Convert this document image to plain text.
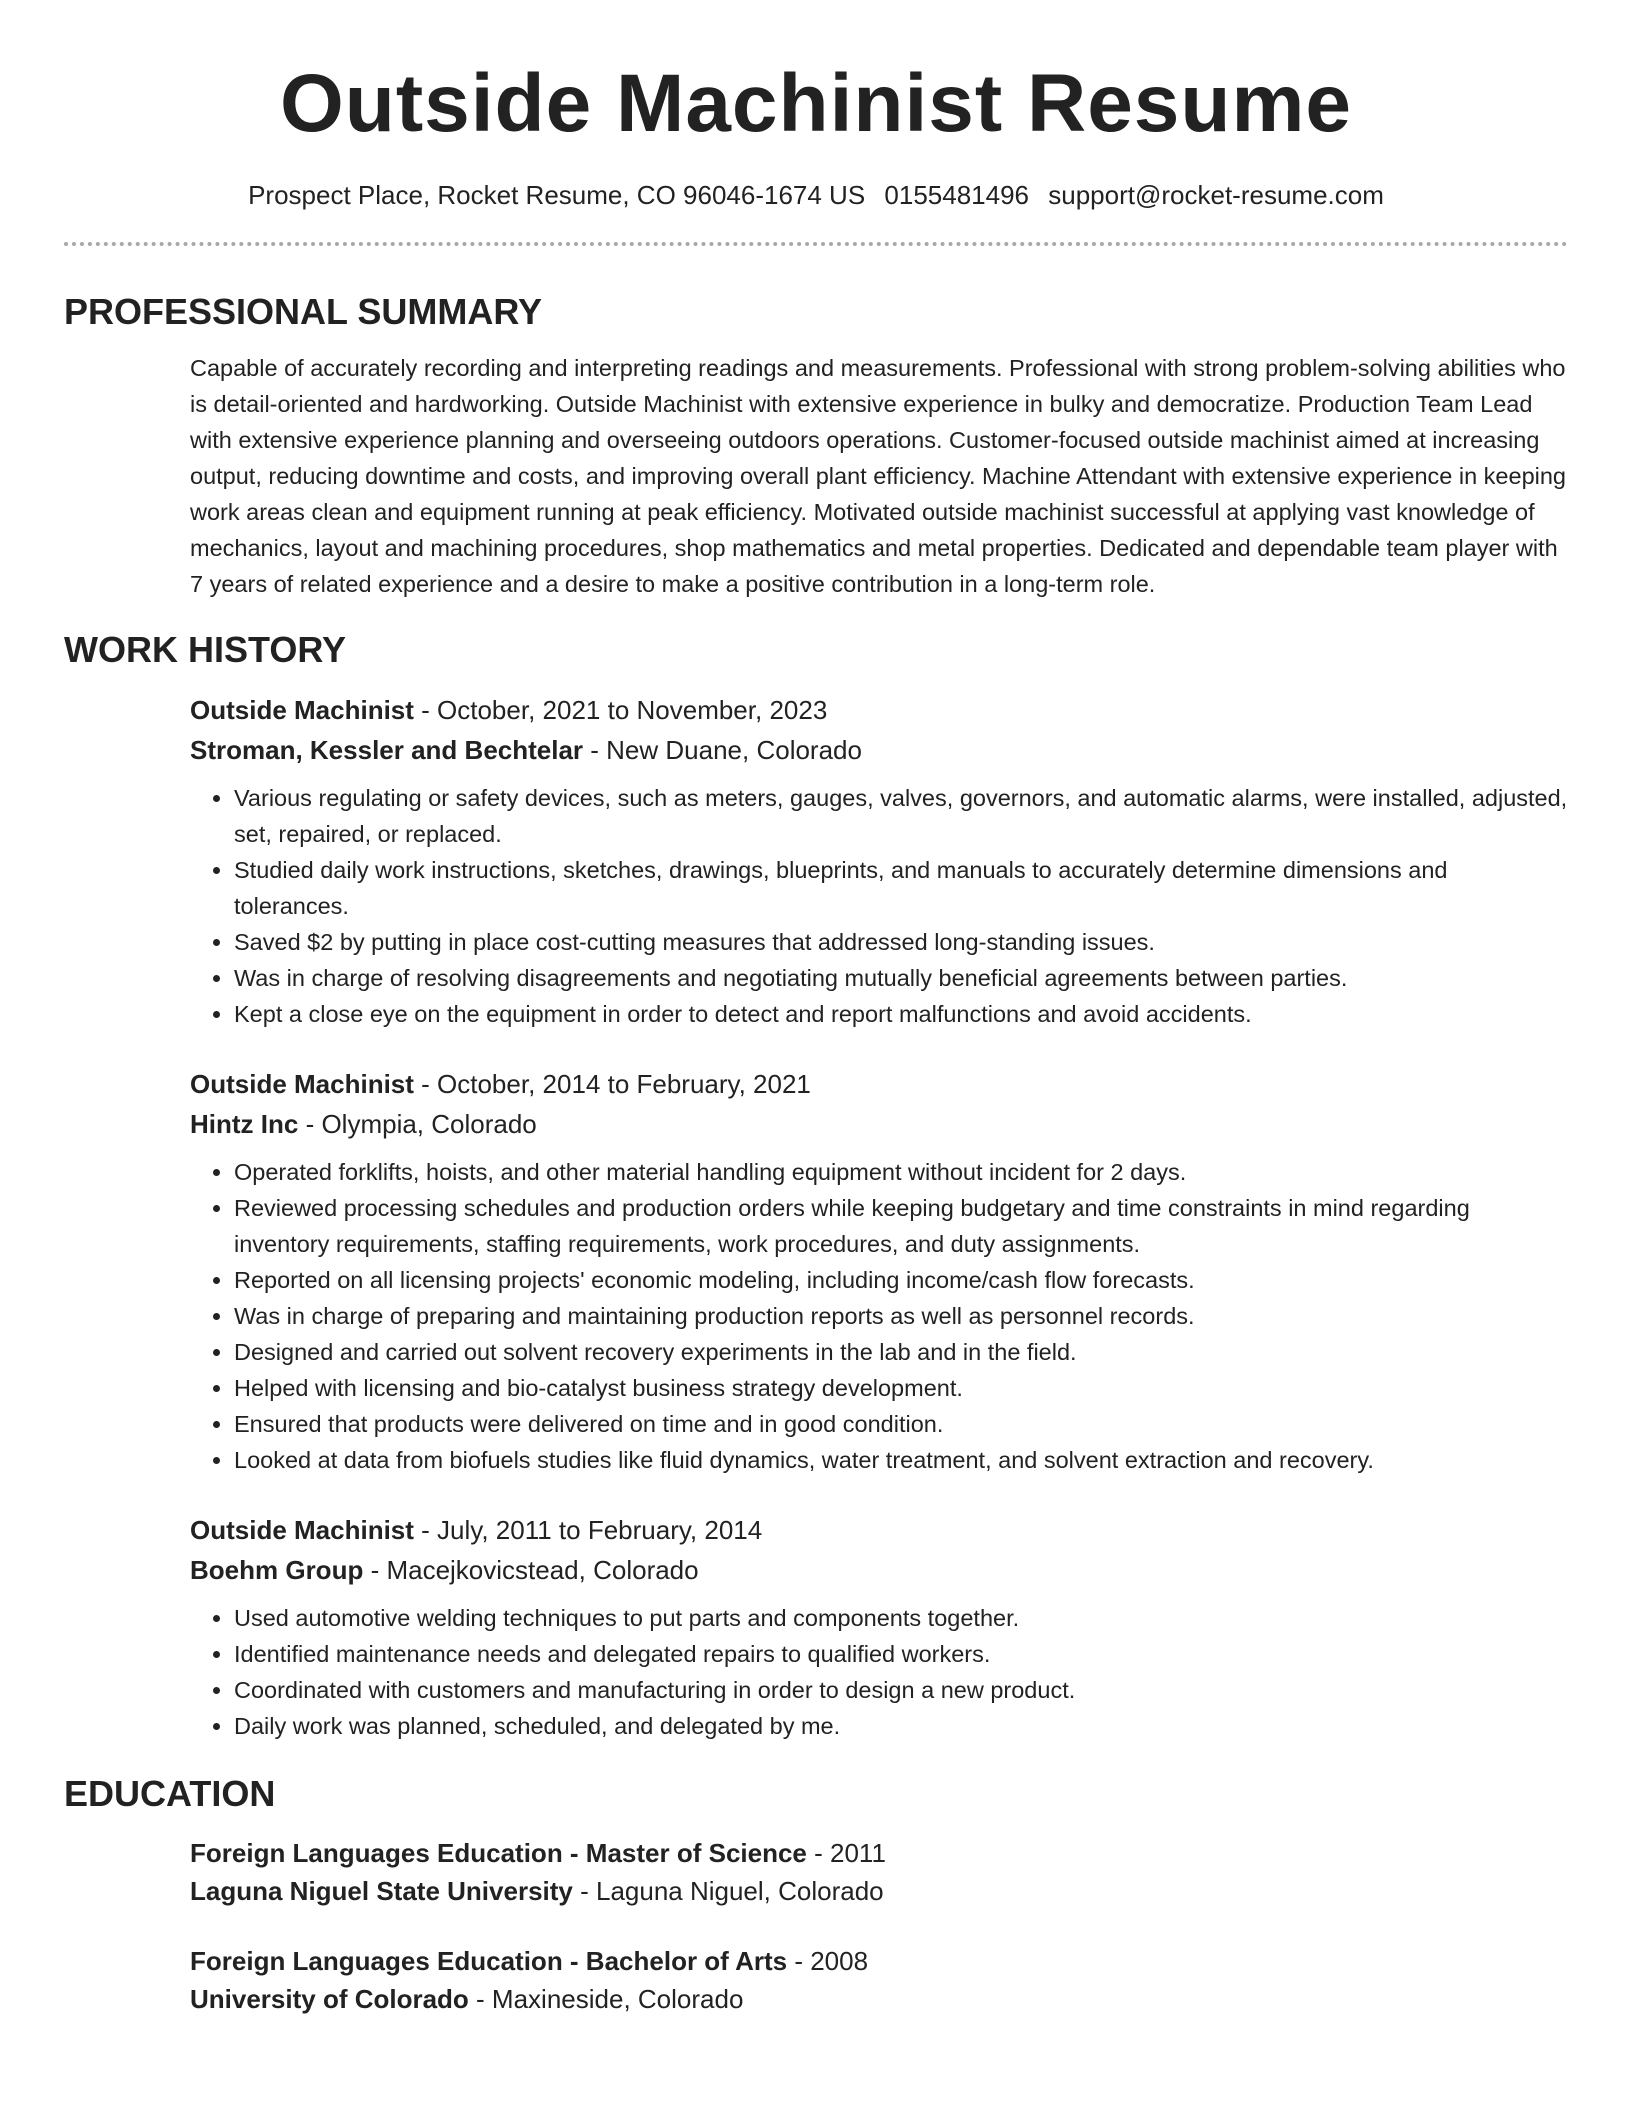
Outside Machinist Resume
Prospect Place, Rocket Resume, CO 96046-1674 US 0155481496 support@rocket-resume.com
PROFESSIONAL SUMMARY

Capable of accurately recording and interpreting readings and measurements. Professional with strong problem-solving abilities who is detail-oriented and hardworking. Outside Machinist with extensive experience in bulky and democratize. Production Team Lead with extensive experience planning and overseeing outdoors operations. Customer-focused outside machinist aimed at increasing output, reducing downtime and costs, and improving overall plant efficiency. Machine Attendant with extensive experience in keeping work areas clean and equipment running at peak efficiency. Motivated outside machinist successful at applying vast knowledge of mechanics, layout and machining procedures, shop mathematics and metal properties. Dedicated and dependable team player with 7 years of related experience and a desire to make a positive contribution in a long-term role.

WORK HISTORY
Outside Machinist - October, 2021 to November, 2023
Stroman, Kessler and Bechtelar - New Duane, Colorado
• Various regulating or safety devices, such as meters, gauges, valves, governors, and automatic alarms, were installed, adjusted, set, repaired, or replaced.
• Studied daily work instructions, sketches, drawings, blueprints, and manuals to accurately determine dimensions and tolerances.
• Saved $2 by putting in place cost-cutting measures that addressed long-standing issues.
• Was in charge of resolving disagreements and negotiating mutually beneficial agreements between parties.
• Kept a close eye on the equipment in order to detect and report malfunctions and avoid accidents.
Outside Machinist - October, 2014 to February, 2021
Hintz Inc - Olympia, Colorado
• Operated forklifts, hoists, and other material handling equipment without incident for 2 days.
• Reviewed processing schedules and production orders while keeping budgetary and time constraints in mind regarding inventory requirements, staffing requirements, work procedures, and duty assignments.
• Reported on all licensing projects' economic modeling, including income/cash flow forecasts.
• Was in charge of preparing and maintaining production reports as well as personnel records.
• Designed and carried out solvent recovery experiments in the lab and in the field.
• Helped with licensing and bio-catalyst business strategy development.
• Ensured that products were delivered on time and in good condition.
• Looked at data from biofuels studies like fluid dynamics, water treatment, and solvent extraction and recovery.
Outside Machinist - July, 2011 to February, 2014
Boehm Group - Macejkovicstead, Colorado
• Used automotive welding techniques to put parts and components together.
• Identified maintenance needs and delegated repairs to qualified workers.
• Coordinated with customers and manufacturing in order to design a new product.
• Daily work was planned, scheduled, and delegated by me.
EDUCATION
Foreign Languages Education - Master of Science - 2011
Laguna Niguel State University - Laguna Niguel, Colorado
Foreign Languages Education - Bachelor of Arts - 2008
University of Colorado - Maxineside, Colorado
